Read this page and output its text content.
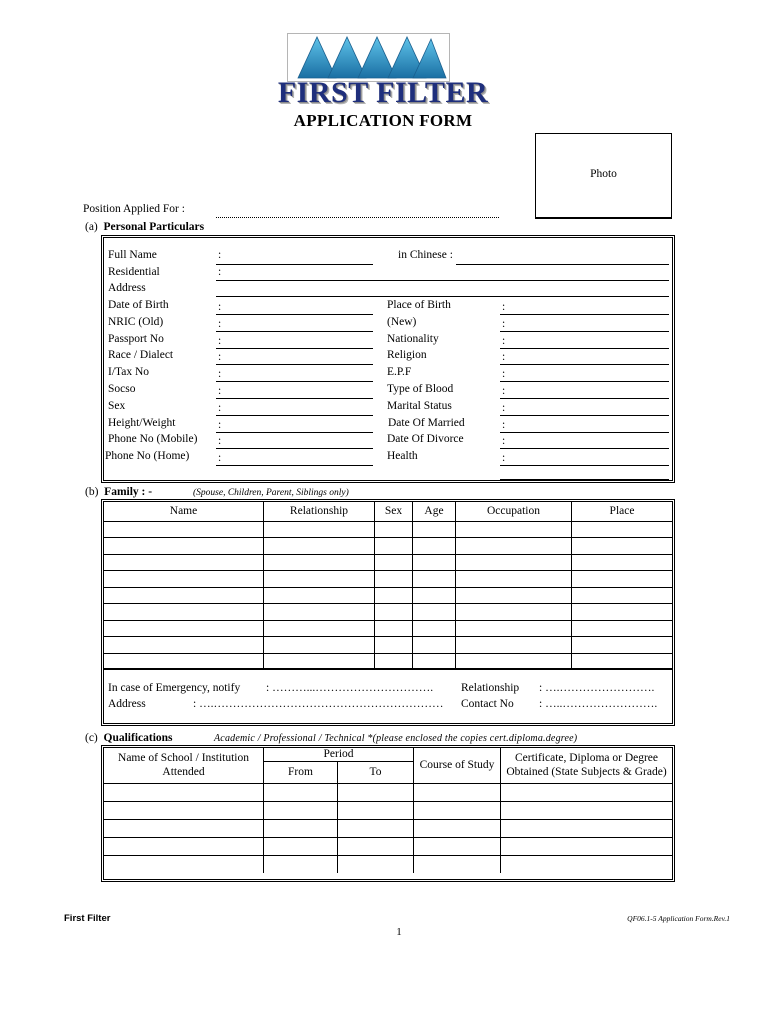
FIRST FILTER
APPLICATION FORM
Photo
Position Applied For :
(a) Personal Particulars
Full Name	:	in Chinese :
Residential	:
Address
Date of Birth	:	Place of Birth	:
NRIC (Old)	:	(New)	:
Passport No	:	Nationality	:
Race / Dialect	:	Religion	:
I/Tax No	:	E.P.F	:
Socso	:	Type of Blood	:
Sex	:	Marital Status	:
Height/Weight	:	Date Of Married	:
Phone No (Mobile) :	Date Of Divorce	:
Phone No (Home) :	Health	:
(b) Family : -	(Spouse, Children, Parent, Siblings only)
Name	Relationship	Sex	Age	Occupation	Place

In case of Emergency, notify : ………...…………………………. Relationship : ….…………………….
Address	: ….…………………………………………………… Contact No : …..…………………….
(c) Qualifications	Academic / Professional / Technical *(please enclosed the copies cert.diploma.degree)
Name of School / Institution Attended	Period		Course of Study	Certificate, Diploma or Degree Obtained (State Subjects & Grade)
	From	To		

First Filter	QF06.1-5 Application Form.Rev.1
1
